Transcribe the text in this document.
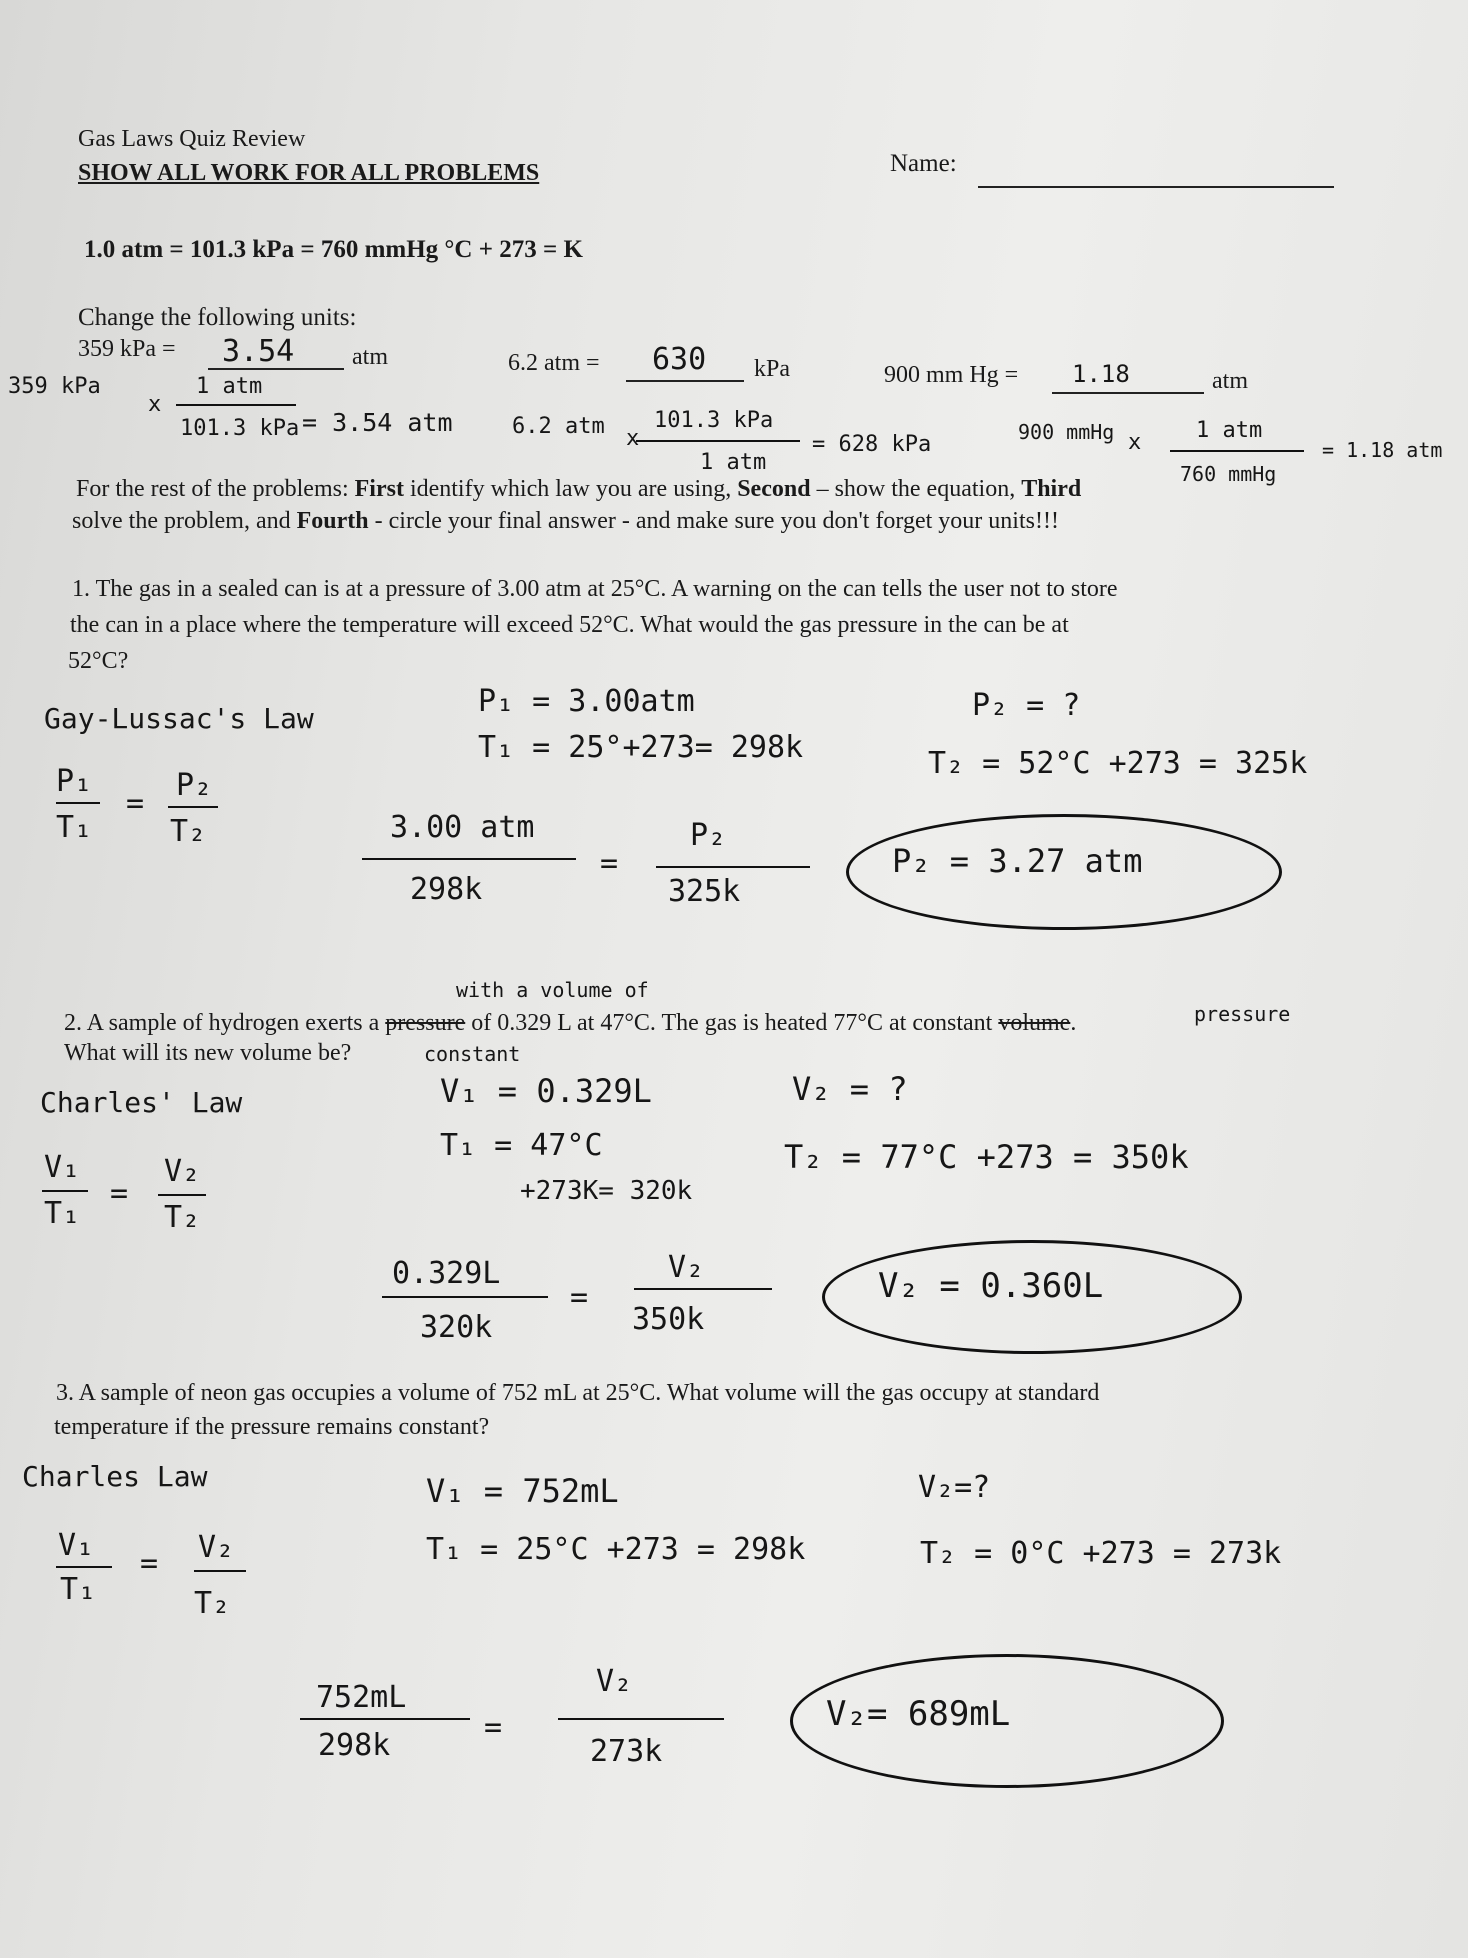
Gas Laws Quiz Review
SHOW ALL WORK FOR ALL PROBLEMS	Name:
1.0 atm = 101.3 kPa = 760 mmHg °C + 273 = K
Change the following units:
359 kPa = 3.54 atm	6.2 atm = 630 kPa	900 mm Hg = 1.18	atm
359 kPa
x
1 atm
101.3 kPa = 3.54 atm	6.2 atm x
101.3 kPa
1 atm
= 628 kPa	900 mmHg x 1 atm
760 mmHg
= 1.18 atm
For the rest of the problems: First identify which law you are using, Second – show the equation, Third
solve the problem, and Fourth - circle your final answer - and make sure you don't forget your units!!!
1. The gas in a sealed can is at a pressure of 3.00 atm at 25°C. A warning on the can tells the user not to store
the can in a place where the temperature will exceed 52°C. What would the gas pressure in the can be at
52°C?
Gay-Lussac's Law
P₁
T₁
=
P₂
T₂
P₁ = 3.00atm
T₁ = 25°+273= 298k
P₂ = ?
T₂ = 52°C +273 = 325k
3.00 atm
298k
=
P₂
325k
P₂ = 3.27 atm
with a volume of
pressure
2. A sample of hydrogen exerts a pressure of 0.329 L at 47°C. The gas is heated 77°C at constant volume.
What will its new volume be?	constant
Charles' Law
V₁
T₁
=
V₂
T₂
V₁ = 0.329L
T₁ = 47°C
+273K= 320k
V₂ = ?
T₂ = 77°C +273 = 350k
0.329L
320k
=
V₂
350k
V₂ = 0.360L
3. A sample of neon gas occupies a volume of 752 mL at 25°C. What volume will the gas occupy at standard
temperature if the pressure remains constant?
Charles Law
V₁
T₁
= V₂
T₂
V₁ = 752mL
T₁ = 25°C +273 = 298k
V₂=?
T₂ = 0°C +273 = 273k
752mL
298k
=
V₂
273k
V₂= 689mL
